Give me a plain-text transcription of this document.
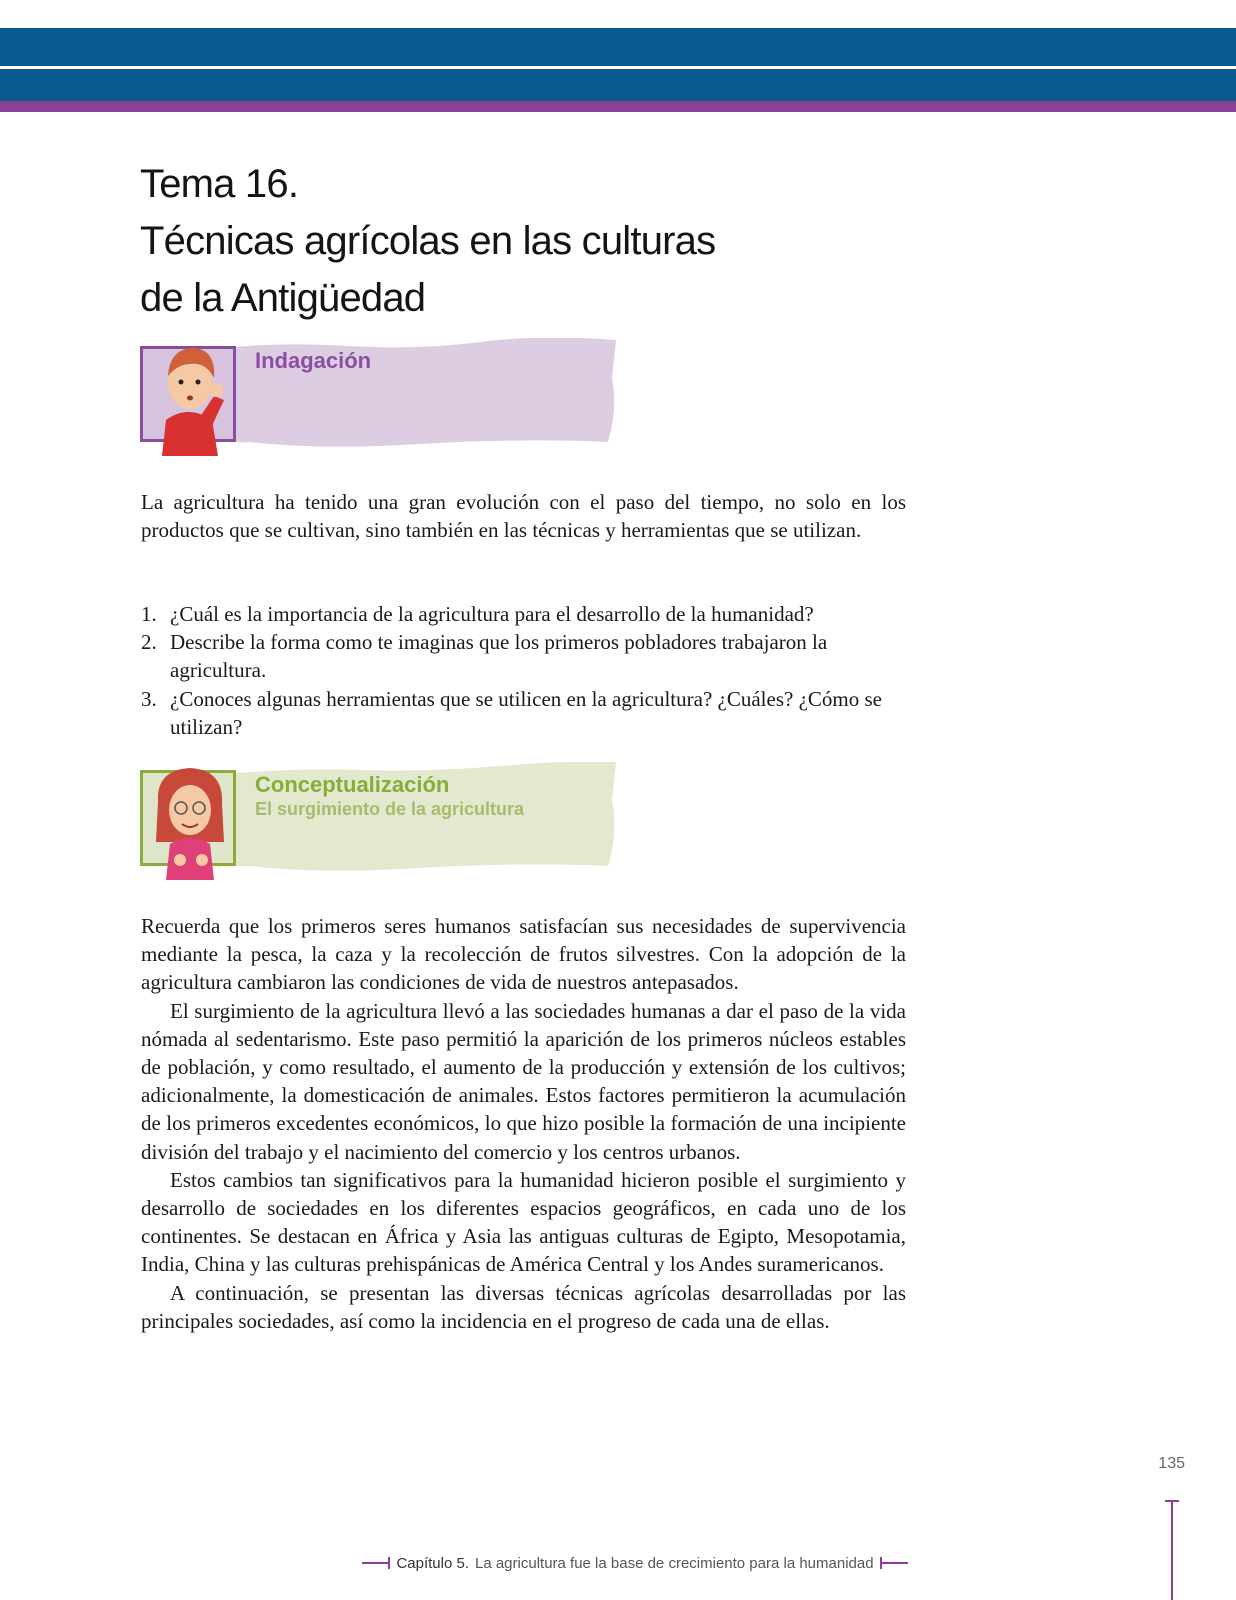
Tema 16.
Técnicas agrícolas en las culturas
de la Antigüedad
Indagación

La agricultura ha tenido una gran evolución con el paso del tiempo, no solo en los productos que se cultivan, sino también en las técnicas y herramientas que se utilizan.

1. ¿Cuál es la importancia de la agricultura para el desarrollo de la humanidad?
2. Describe la forma como te imaginas que los primeros pobladores trabajaron la agricultura.
3. ¿Conoces algunas herramientas que se utilicen en la agricultura? ¿Cuáles? ¿Cómo se utilizan?
Conceptualización
El surgimiento de la agricultura

Recuerda que los primeros seres humanos satisfacían sus necesidades de supervivencia mediante la pesca, la caza y la recolección de frutos silvestres. Con la adopción de la agricultura cambiaron las condiciones de vida de nuestros antepasados.

El surgimiento de la agricultura llevó a las sociedades humanas a dar el paso de la vida nómada al sedentarismo. Este paso permitió la aparición de los primeros núcleos estables de población, y como resultado, el aumento de la producción y extensión de los cultivos; adicionalmente, la domesticación de animales. Estos factores permitieron la acumulación de los primeros excedentes económicos, lo que hizo posible la formación de una incipiente división del trabajo y el nacimiento del comercio y los centros urbanos.

Estos cambios tan significativos para la humanidad hicieron posible el surgimiento y desarrollo de sociedades en los diferentes espacios geográficos, en cada uno de los continentes. Se destacan en África y Asia las antiguas culturas de Egipto, Mesopotamia, India, China y las culturas prehispánicas de América Central y los Andes suramericanos.

A continuación, se presentan las diversas técnicas agrícolas desarrolladas por las principales sociedades, así como la incidencia en el progreso de cada una de ellas.

135
Capítulo 5. La agricultura fue la base de crecimiento para la humanidad
